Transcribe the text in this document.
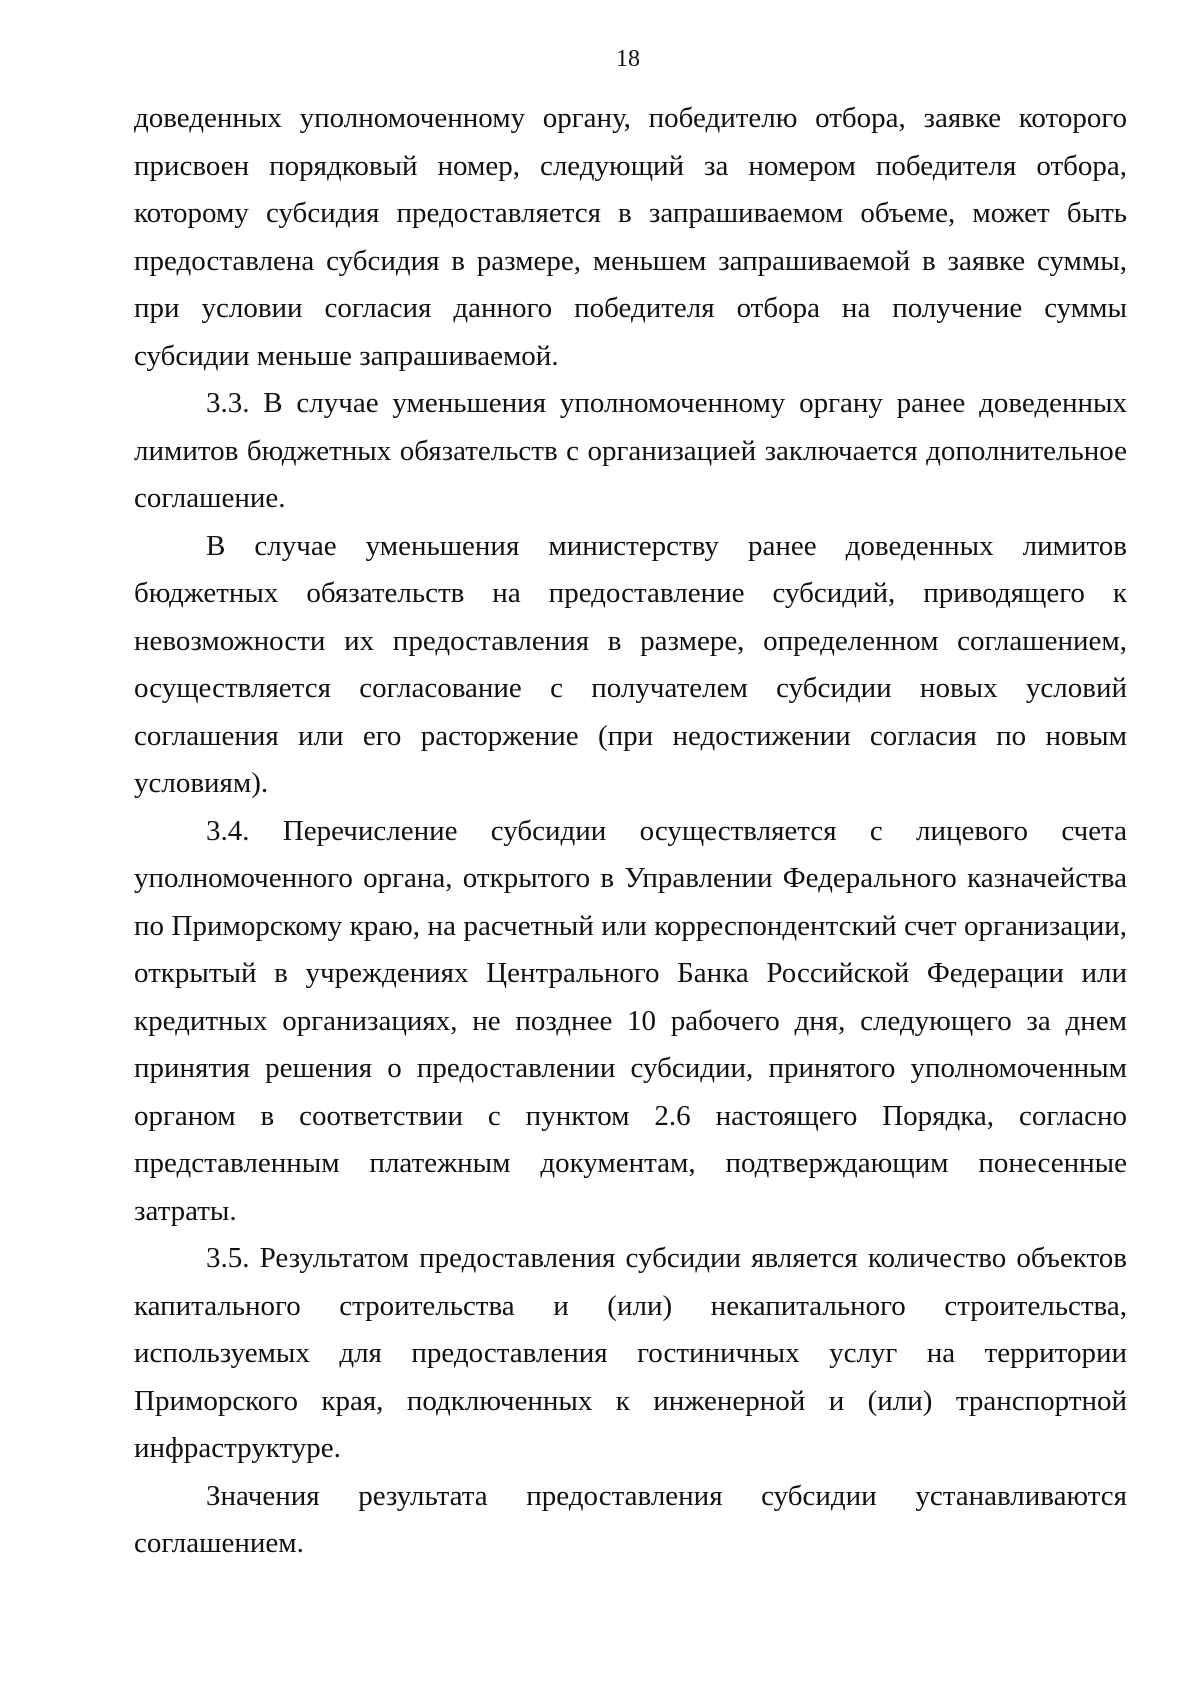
18

доведенных уполномоченному органу, победителю отбора, заявке которого присвоен порядковый номер, следующий за номером победителя отбора, которому субсидия предоставляется в запрашиваемом объеме, может быть предоставлена субсидия в размере, меньшем запрашиваемой в заявке суммы, при условии согласия данного победителя отбора на получение суммы субсидии меньше запрашиваемой.

3.3. В случае уменьшения уполномоченному органу ранее доведенных лимитов бюджетных обязательств с организацией заключается дополнительное соглашение.

В случае уменьшения министерству ранее доведенных лимитов бюджетных обязательств на предоставление субсидий, приводящего к невозможности их предоставления в размере, определенном соглашением, осуществляется согласование с получателем субсидии новых условий соглашения или его расторжение (при недостижении согласия по новым условиям).

3.4. Перечисление субсидии осуществляется с лицевого счета уполномоченного органа, открытого в Управлении Федерального казначейства по Приморскому краю, на расчетный или корреспондентский счет организации, открытый в учреждениях Центрального Банка Российской Федерации или кредитных организациях, не позднее 10 рабочего дня, следующего за днем принятия решения о предоставлении субсидии, принятого уполномоченным органом в соответствии с пунктом 2.6 настоящего Порядка, согласно представленным платежным документам, подтверждающим понесенные затраты.

3.5. Результатом предоставления субсидии является количество объектов капитального строительства и (или) некапитального строительства, используемых для предоставления гостиничных услуг на территории Приморского края, подключенных к инженерной и (или) транспортной инфраструктуре.

Значения результата предоставления субсидии устанавливаются соглашением.
